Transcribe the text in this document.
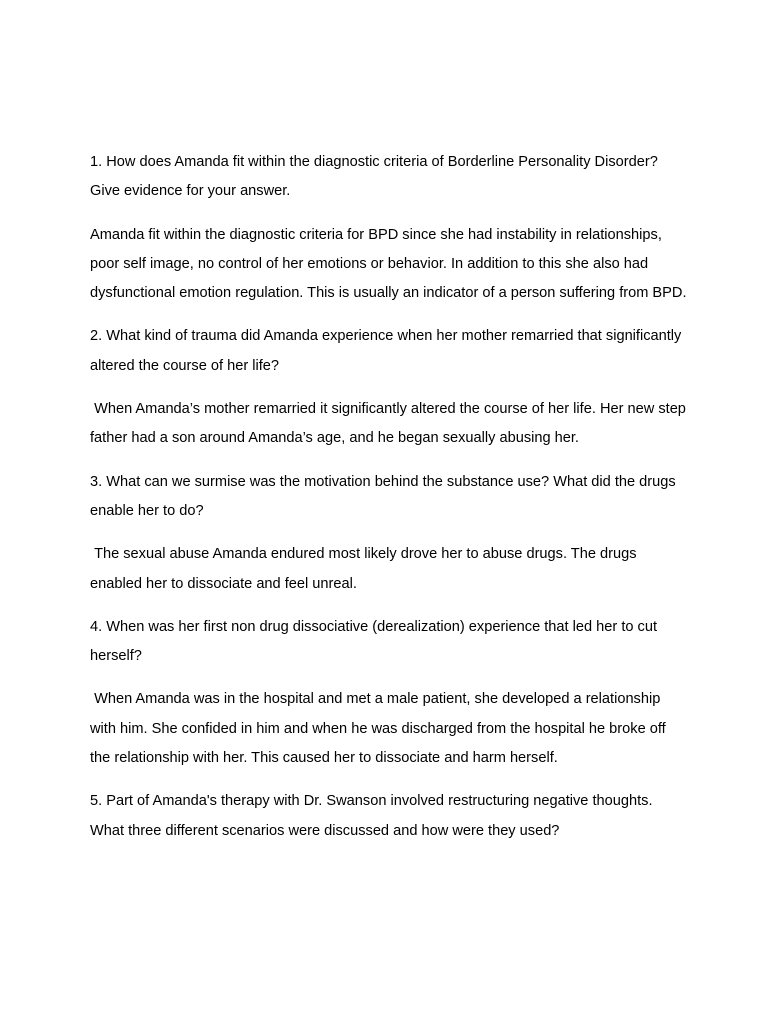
1. How does Amanda fit within the diagnostic criteria of Borderline Personality Disorder? Give evidence for your answer.

Amanda fit within the diagnostic criteria for BPD since she had instability in relationships, poor self image, no control of her emotions or behavior. In addition to this she also had dysfunctional emotion regulation. This is usually an indicator of a person suffering from BPD.

2. What kind of trauma did Amanda experience when her mother remarried that significantly altered the course of her life?

When Amanda’s mother remarried it significantly altered the course of her life. Her new step father had a son around Amanda’s age, and he began sexually abusing her.

3. What can we surmise was the motivation behind the substance use? What did the drugs enable her to do?

The sexual abuse Amanda endured most likely drove her to abuse drugs. The drugs enabled her to dissociate and feel unreal.

4. When was her first non drug dissociative (derealization) experience that led her to cut herself?

When Amanda was in the hospital and met a male patient, she developed a relationship with him. She confided in him and when he was discharged from the hospital he broke off the relationship with her. This caused her to dissociate and harm herself.

5. Part of Amanda's therapy with Dr. Swanson involved restructuring negative thoughts. What three different scenarios were discussed and how were they used?
